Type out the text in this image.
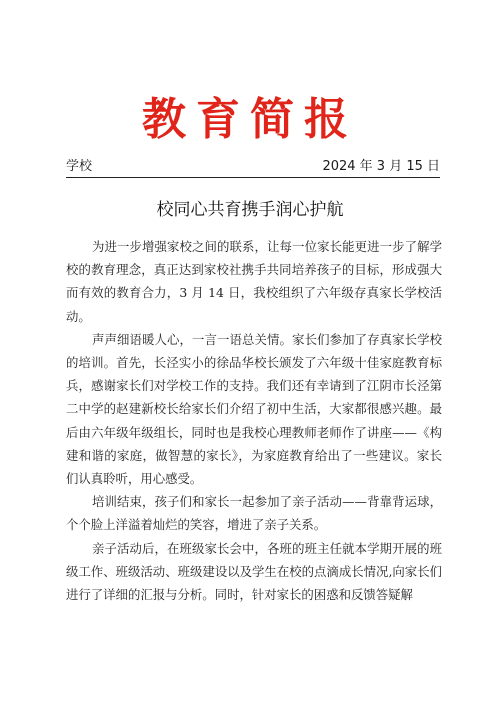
教育简报
学校	2024 年 3 月 15 日
校同心共育携手润心护航

为进一步增强家校之间的联系，让每一位家长能更进一步了解学校的教育理念，真正达到家校社携手共同培养孩子的目标，形成强大而有效的教育合力，3 月 14 日，我校组织了六年级存真家长学校活动。

声声细语暖人心，一言一语总关情。家长们参加了存真家长学校的培训。首先，长泾实小的徐品华校长颁发了六年级十佳家庭教育标兵，感谢家长们对学校工作的支持。我们还有幸请到了江阴市长泾第二中学的赵建新校长给家长们介绍了初中生活，大家都很感兴趣。最后由六年级年级组长，同时也是我校心理教师老师作了讲座——《构建和谐的家庭，做智慧的家长》，为家庭教育给出了一些建议。家长们认真聆听，用心感受。

培训结束，孩子们和家长一起参加了亲子活动——背靠背运球，个个脸上洋溢着灿烂的笑容，增进了亲子关系。

亲子活动后，在班级家长会中，各班的班主任就本学期开展的班级工作、班级活动、班级建设以及学生在校的点滴成长情况,向家长们进行了详细的汇报与分析。同时，针对家长的困惑和反馈答疑解
